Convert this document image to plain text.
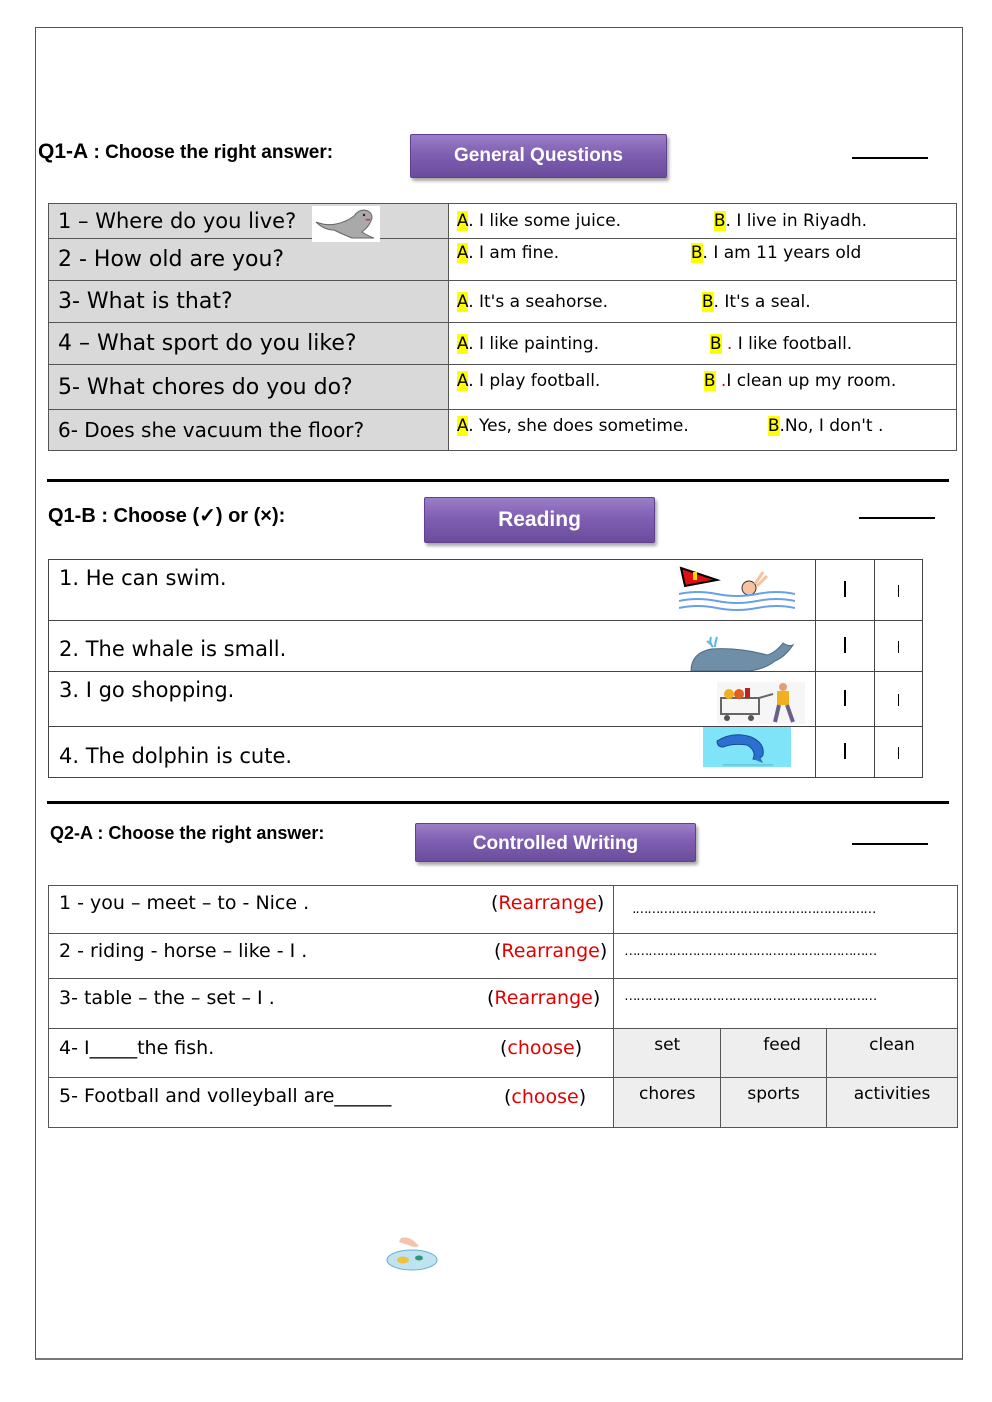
Q1-A : Choose the right answer:	General Questions
1 – Where do you live?	A. I like some juice. B. I live in Riyadh.

2 - How old are you?	A. I am fine. B. I am 11 years old

3- What is that?	A. It's a seahorse. B. It's a seal.

4 – What sport do you like?	A. I like painting. B . I like football.

5- What chores do you do?	A. I play football. B .I clean up my room.

6- Does she vacuum the floor?	A. Yes, she does sometime. B.No, I don't .
Q1-B : Choose (✓) or (×):	Reading
1. He can swim.

2. The whale is small.

3. I go shopping.

4. The dolphin is cute.

Q2-A : Choose the right answer:	Controlled Writing
1 - you – meet – to - Nice . (Rearrange)	.……………………………………………………		
2 - riding - horse – like - I . (Rearrange)	………………………………………………………		
3- table – the – set – I . (Rearrange)	………………………………………………………		
4- I_____the fish. (choose)	set	feed	clean
5- Football and volleyball are______ (choose)	chores	sports	activities
